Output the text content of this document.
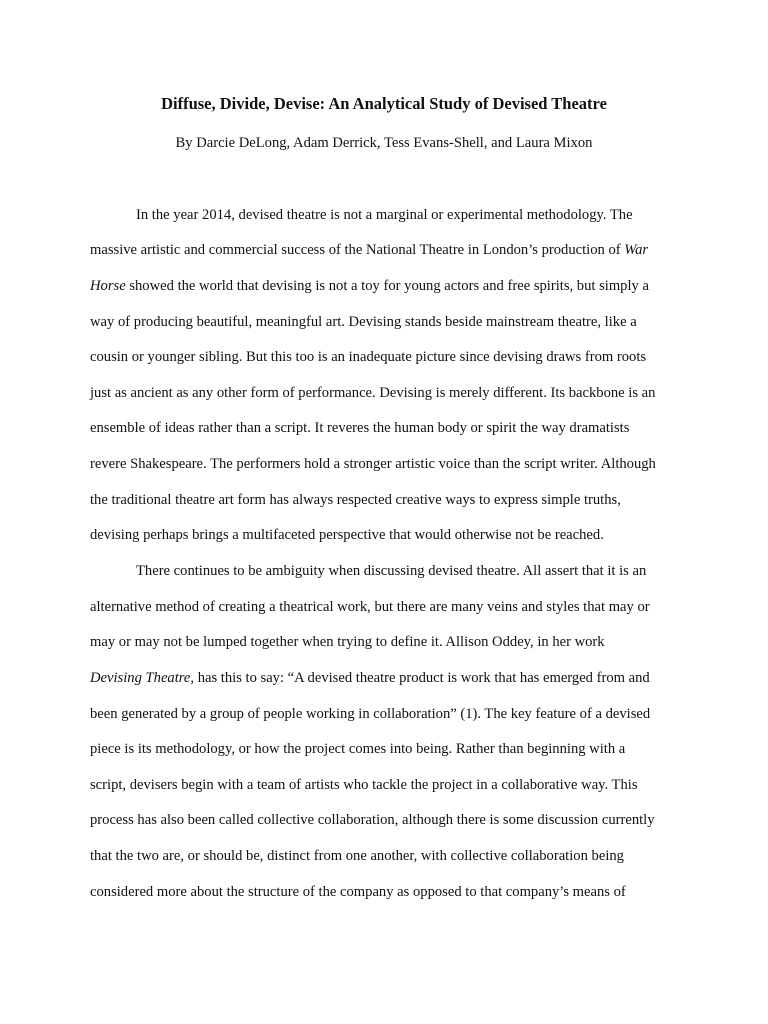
Diffuse, Divide, Devise: An Analytical Study of Devised Theatre

By Darcie DeLong, Adam Derrick, Tess Evans-Shell, and Laura Mixon

In the year 2014, devised theatre is not a marginal or experimental methodology. The
massive artistic and commercial success of the National Theatre in London’s production of War
Horse showed the world that devising is not a toy for young actors and free spirits, but simply a
way of producing beautiful, meaningful art. Devising stands beside mainstream theatre, like a
cousin or younger sibling. But this too is an inadequate picture since devising draws from roots
just as ancient as any other form of performance. Devising is merely different. Its backbone is an
ensemble of ideas rather than a script. It reveres the human body or spirit the way dramatists
revere Shakespeare. The performers hold a stronger artistic voice than the script writer. Although
the traditional theatre art form has always respected creative ways to express simple truths,
devising perhaps brings a multifaceted perspective that would otherwise not be reached.
There continues to be ambiguity when discussing devised theatre. All assert that it is an
alternative method of creating a theatrical work, but there are many veins and styles that may or
may or may not be lumped together when trying to define it. Allison Oddey, in her work
Devising Theatre, has this to say: “A devised theatre product is work that has emerged from and
been generated by a group of people working in collaboration” (1). The key feature of a devised
piece is its methodology, or how the project comes into being. Rather than beginning with a
script, devisers begin with a team of artists who tackle the project in a collaborative way. This
process has also been called collective collaboration, although there is some discussion currently
that the two are, or should be, distinct from one another, with collective collaboration being
considered more about the structure of the company as opposed to that company’s means of
